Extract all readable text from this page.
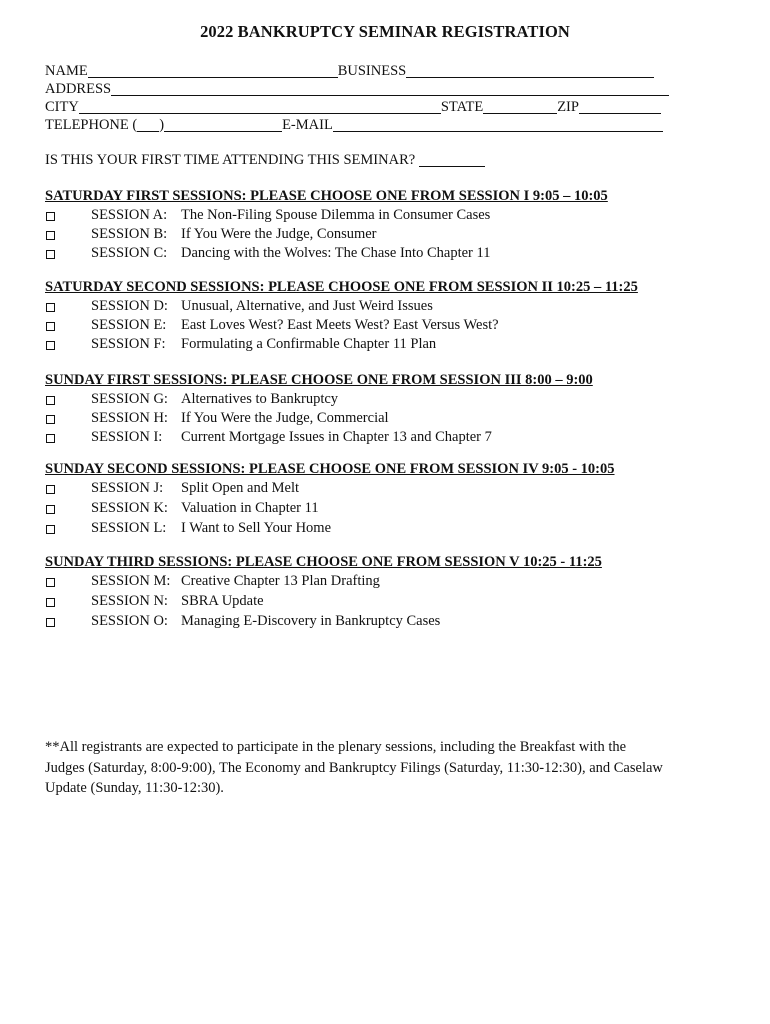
2022 BANKRUPTCY SEMINAR REGISTRATION
NAME	BUSINESS
ADDRESS
CITY	STATE	ZIP
TELEPHONE ( )	E-MAIL
IS THIS YOUR FIRST TIME ATTENDING THIS SEMINAR?
SATURDAY FIRST SESSIONS: PLEASE CHOOSE ONE FROM SESSION I 9:05 – 10:05
SESSION A: The Non-Filing Spouse Dilemma in Consumer Cases
SESSION B: If You Were the Judge, Consumer
SESSION C: Dancing with the Wolves: The Chase Into Chapter 11
SATURDAY SECOND SESSIONS: PLEASE CHOOSE ONE FROM SESSION II 10:25 – 11:25
SESSION D: Unusual, Alternative, and Just Weird Issues
SESSION E: East Loves West? East Meets West? East Versus West?
SESSION F: Formulating a Confirmable Chapter 11 Plan
SUNDAY FIRST SESSIONS: PLEASE CHOOSE ONE FROM SESSION III 8:00 – 9:00
SESSION G: Alternatives to Bankruptcy
SESSION H: If You Were the Judge, Commercial
SESSION I: Current Mortgage Issues in Chapter 13 and Chapter 7
SUNDAY SECOND SESSIONS: PLEASE CHOOSE ONE FROM SESSION IV 9:05 - 10:05
SESSION J: Split Open and Melt
SESSION K: Valuation in Chapter 11
SESSION L: I Want to Sell Your Home
SUNDAY THIRD SESSIONS: PLEASE CHOOSE ONE FROM SESSION V 10:25 - 11:25
SESSION M: Creative Chapter 13 Plan Drafting
SESSION N: SBRA Update
SESSION O: Managing E-Discovery in Bankruptcy Cases
**All registrants are expected to participate in the plenary sessions, including the Breakfast with the Judges (Saturday, 8:00-9:00), The Economy and Bankruptcy Filings (Saturday, 11:30-12:30), and Caselaw Update (Sunday, 11:30-12:30).
